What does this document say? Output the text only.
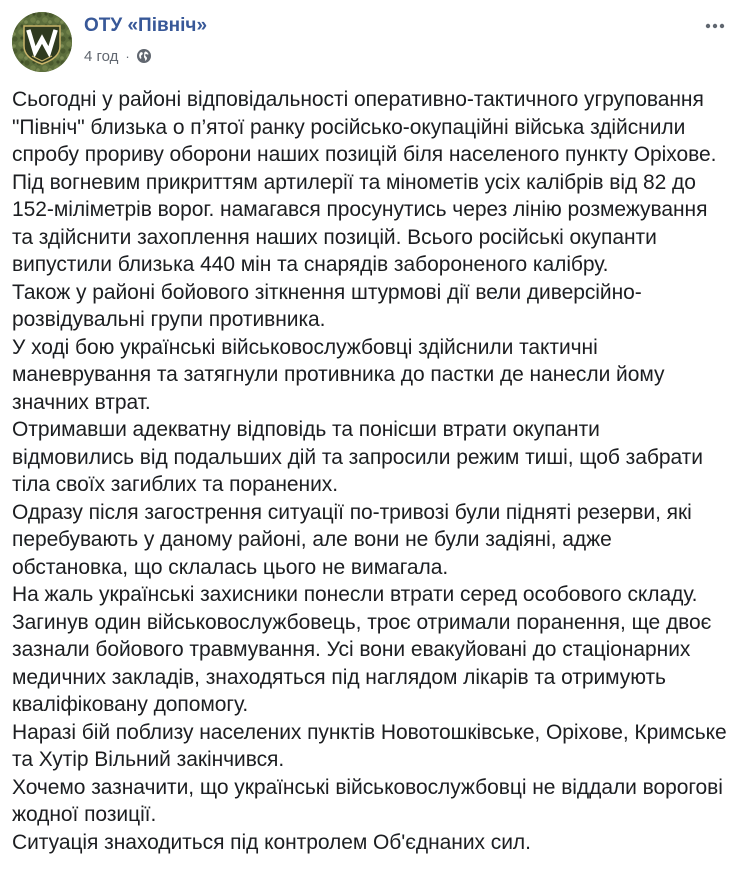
ОТУ «Північ»
4 год ·

Сьогодні у районі відповідальності оперативно-тактичного угруповання "Північ" близька о п’ятої ранку російсько-окупаційні війська здійснили спробу прориву оборони наших позицій біля населеного пункту Оріхове. Під вогневим прикриттям артилерії та мінометів усіх калібрів від 82 до 152-міліметрів ворог. намагався просунутись через лінію розмежування та здійснити захоплення наших позицій. Всього російські окупанти випустили близька 440 мін та снарядів забороненого калібру.

Також у районі бойового зіткнення штурмові дії вели диверсійно-розвідувальні групи противника.

У ході бою українські військовослужбовці здійснили тактичні маневрування та затягнули противника до пастки де нанесли йому значних втрат.

Отримавши адекватну відповідь та понісши втрати окупанти відмовились від подальших дій та запросили режим тиші, щоб забрати тіла своїх загиблих та поранених.

Одразу після загострення ситуації по-тривозі були підняті резерви, які перебувають у даному районі, але вони не були задіяні, адже обстановка, що склалась цього не вимагала.

На жаль українські захисники понесли втрати серед особового складу. Загинув один військовослужбовець, троє отримали поранення, ще двоє зазнали бойового травмування. Усі вони евакуйовані до стаціонарних медичних закладів, знаходяться під наглядом лікарів та отримують кваліфіковану допомогу.

Наразі бій поблизу населених пунктів Новотошківське, Оріхове, Кримське та Хутір Вільний закінчився.

Хочемо зазначити, що українські військовослужбовці не віддали ворогові жодної позиції.

Ситуація знаходиться під контролем Об'єднаних сил.
